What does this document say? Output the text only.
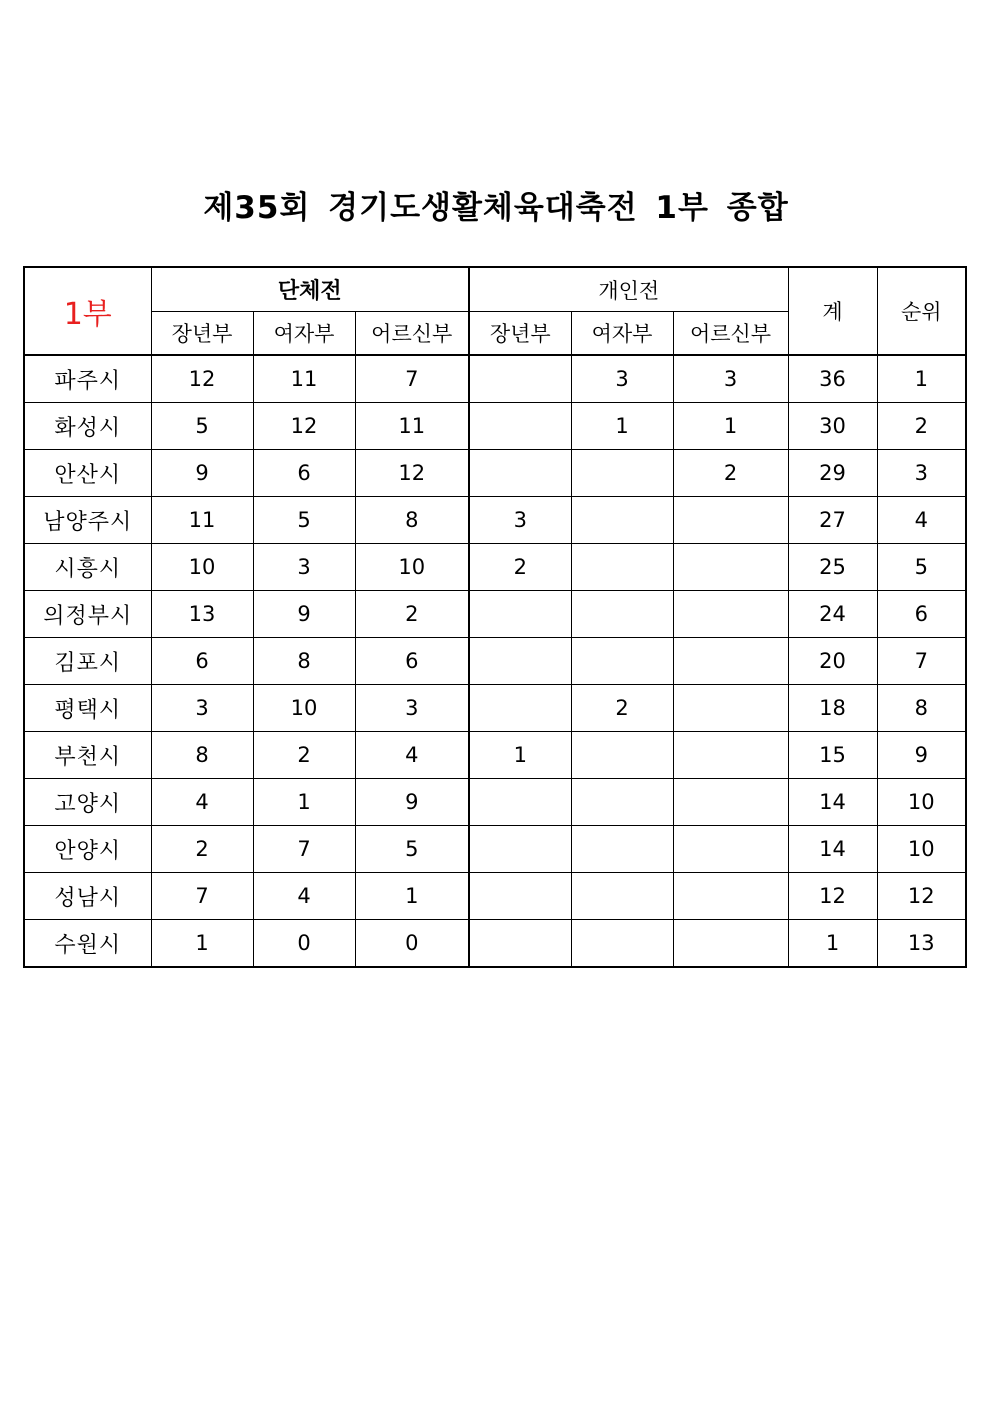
제35회 경기도생활체육대축전 1부 종합
1부	단체전			개인전			계	순위
	장년부	여자부	어르신부	장년부	여자부	어르신부		
파주시	12	11	7		3	3	36	1
화성시	5	12	11		1	1	30	2
안산시	9	6	12			2	29	3
남양주시	11	5	8	3			27	4
시흥시	10	3	10	2			25	5
의정부시	13	9	2				24	6
김포시	6	8	6				20	7
평택시	3	10	3		2		18	8
부천시	8	2	4	1			15	9
고양시	4	1	9				14	10
안양시	2	7	5				14	10
성남시	7	4	1				12	12
수원시	1	0	0				1	13
